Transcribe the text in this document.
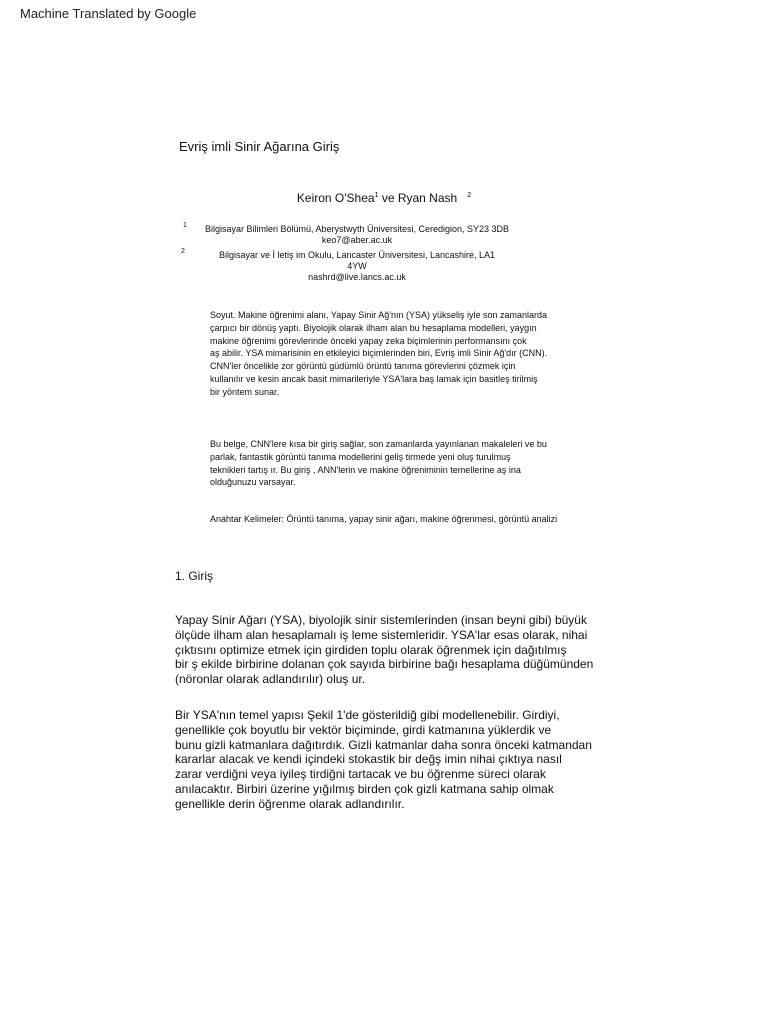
Machine Translated by Google
Evriş imli Sinir Ağarına Giriş
Keiron O'Shea$^1$ ve Ryan Nash $^2$
1	Bilgisayar Bilimleri Bölümü, Aberystwyth Üniversitesi, Ceredigion, SY23 3DB
keo7@aber.ac.uk
2	Bilgisayar ve İ letiş im Okulu, Lancaster Üniversitesi, Lancashire, LA1
4YW
nashrd@live.lancs.ac.uk
Soyut. Makine öğrenimi alanı, Yapay Sinir Ağ'nın (YSA) yükseliş iyle son zamanlarda
çarpıcı bir dönüş yaptı. Biyolojik olarak ilham alan bu hesaplama modelleri, yaygın
makine öğrenimi görevlerinde önceki yapay zeka biçimlerinin performansını çok
aş abilir. YSA mimarisinin en etkileyici biçimlerinden biri, Evriş imli Sinir Ağ'dır (CNN).
CNN'ler öncelikle zor görüntü güdümlü örüntü tanıma görevlerini çözmek için
kullanılır ve kesin ancak basit mimarileriyle YSA'lara baş lamak için basitleş tirilmiş
bir yöntem sunar.
Bu belge, CNN'lere kısa bir giriş sağlar, son zamanlarda yayınlanan makaleleri ve bu
parlak, fantastik görüntü tanıma modellerini geliş tirmede yeni oluş turulmuş
teknikleri tartış ır. Bu giriş , ANN'lerin ve makine öğreniminin temellerine aş ina
olduğunuzu varsayar.
Anahtar Kelimeler: Örüntü tanıma, yapay sinir ağarı, makine öğrenmesi, görüntü analizi
1. Giriş
Yapay Sinir Ağarı (YSA), biyolojik sinir sistemlerinden (insan beyni gibi) büyük
ölçüde ilham alan hesaplamalı iş leme sistemleridir. YSA'lar esas olarak, nihai
çıktısını optimize etmek için girdiden toplu olarak öğrenmek için dağıtılmış
bir ş ekilde birbirine dolanan çok sayıda birbirine bağı hesaplama düğümünden
(nöronlar olarak adlandırılır) oluş ur.
Bir YSA'nın temel yapısı Şekil 1'de gösterildiğ gibi modellenebilir. Girdiyi,
genellikle çok boyutlu bir vektör biçiminde, girdi katmanına yüklerdik ve
bunu gizli katmanlara dağıtırdık. Gizli katmanlar daha sonra önceki katmandan
kararlar alacak ve kendi içindeki stokastik bir değş imin nihai çıktıya nasıl
zarar verdiğni veya iyileş tirdiğni tartacak ve bu öğrenme süreci olarak
anılacaktır. Birbiri üzerine yığılmış birden çok gizli katmana sahip olmak
genellikle derin öğrenme olarak adlandırılır.
